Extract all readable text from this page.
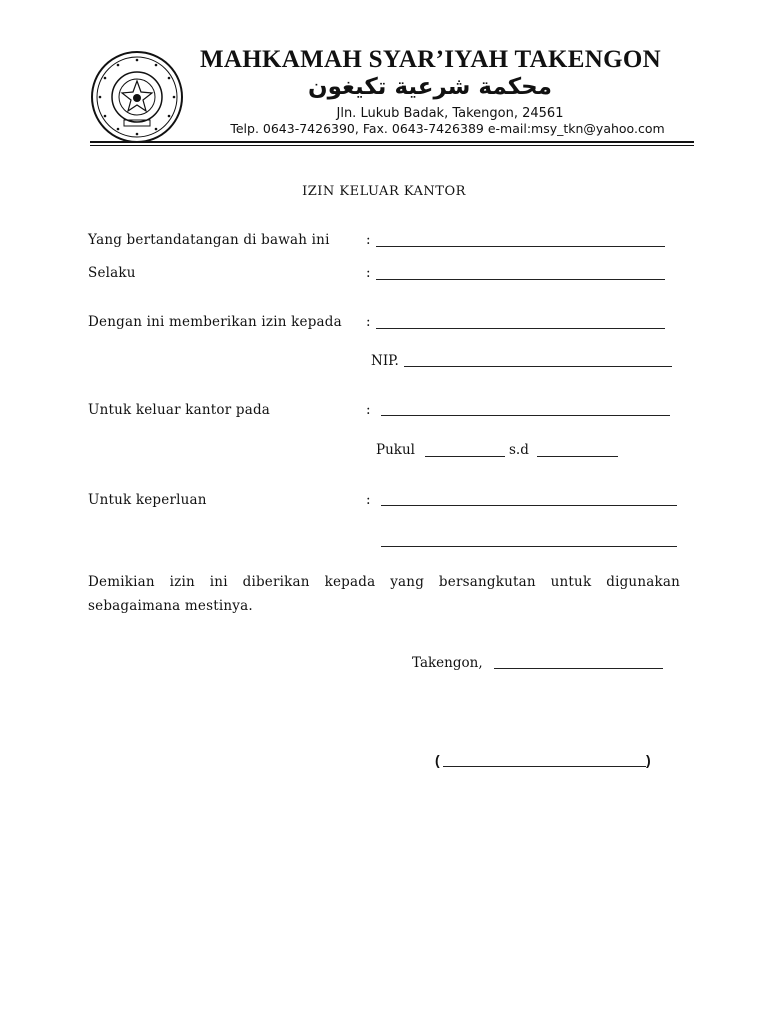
MAHKAMAH SYAR’IYAH TAKENGON
محكمة شرعية تكيغون
Jln. Lukub Badak, Takengon, 24561
Telp. 0643-7426390, Fax. 0643-7426389 e-mail:msy_tkn@yahoo.com
IZIN KELUAR KANTOR
Yang bertandatangan di bawah ini	:
Selaku	:
Dengan ini memberikan izin kepada :
NIP.
Untuk keluar kantor pada	:
Pukul	s.d
Untuk keperluan	:
Demikian izin ini diberikan kepada yang bersangkutan untuk digunakan sebagaimana mestinya.
Takengon,
(	)
